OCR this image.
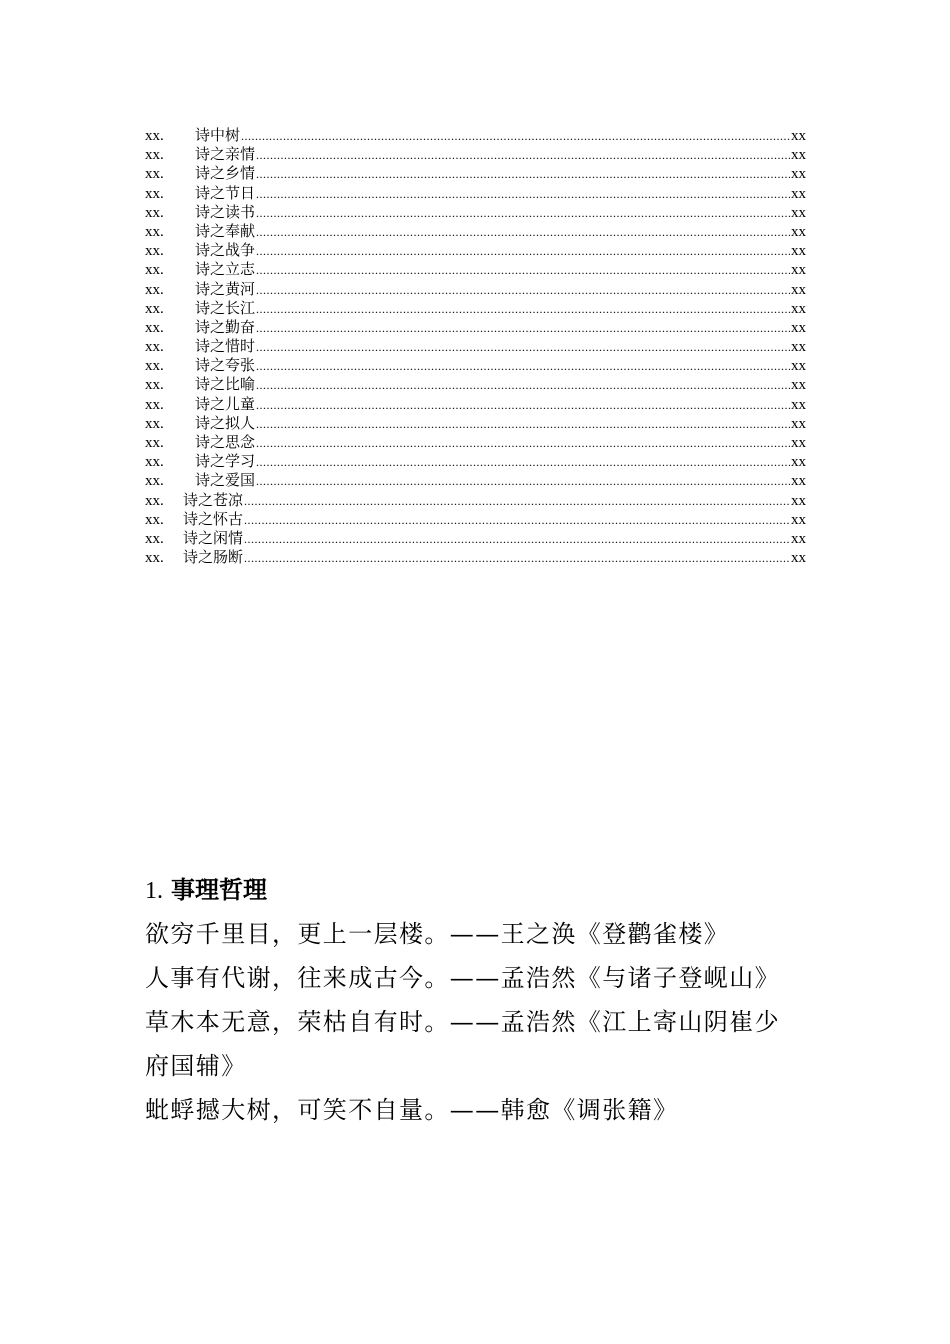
xx.	诗中树 .....	xx
xx.	诗之亲情 .....	xx
xx.	诗之乡情 .....	xx
xx.	诗之节日 .....	xx
xx.	诗之读书 .....	xx
xx.	诗之奉献 .....	xx
xx.	诗之战争 .....	xx
xx.	诗之立志 .....	xx
xx.	诗之黄河 .....	xx
xx.	诗之长江 .....	xx
xx.	诗之勤奋 .....	xx
xx.	诗之惜时 .....	xx
xx.	诗之夸张 .....	xx
xx.	诗之比喻 .....	xx
xx.	诗之儿童 .....	xx
xx.	诗之拟人 .....	xx
xx.	诗之思念 .....	xx
xx.	诗之学习 .....	xx
xx.	诗之爱国 .....	xx
xx.	诗之苍凉 .....	xx
xx.	诗之怀古 .....	xx
xx.	诗之闲情 .....	xx
xx.	诗之肠断 .....	xx
1. 事理哲理
欲穷千里目，更上一层楼。——王之涣《登鹳雀楼》
人事有代谢，往来成古今。——孟浩然《与诸子登岘山》
草木本无意，荣枯自有时。——孟浩然《江上寄山阴崔少府国辅》
蚍蜉撼大树，可笑不自量。——韩愈《调张籍》
